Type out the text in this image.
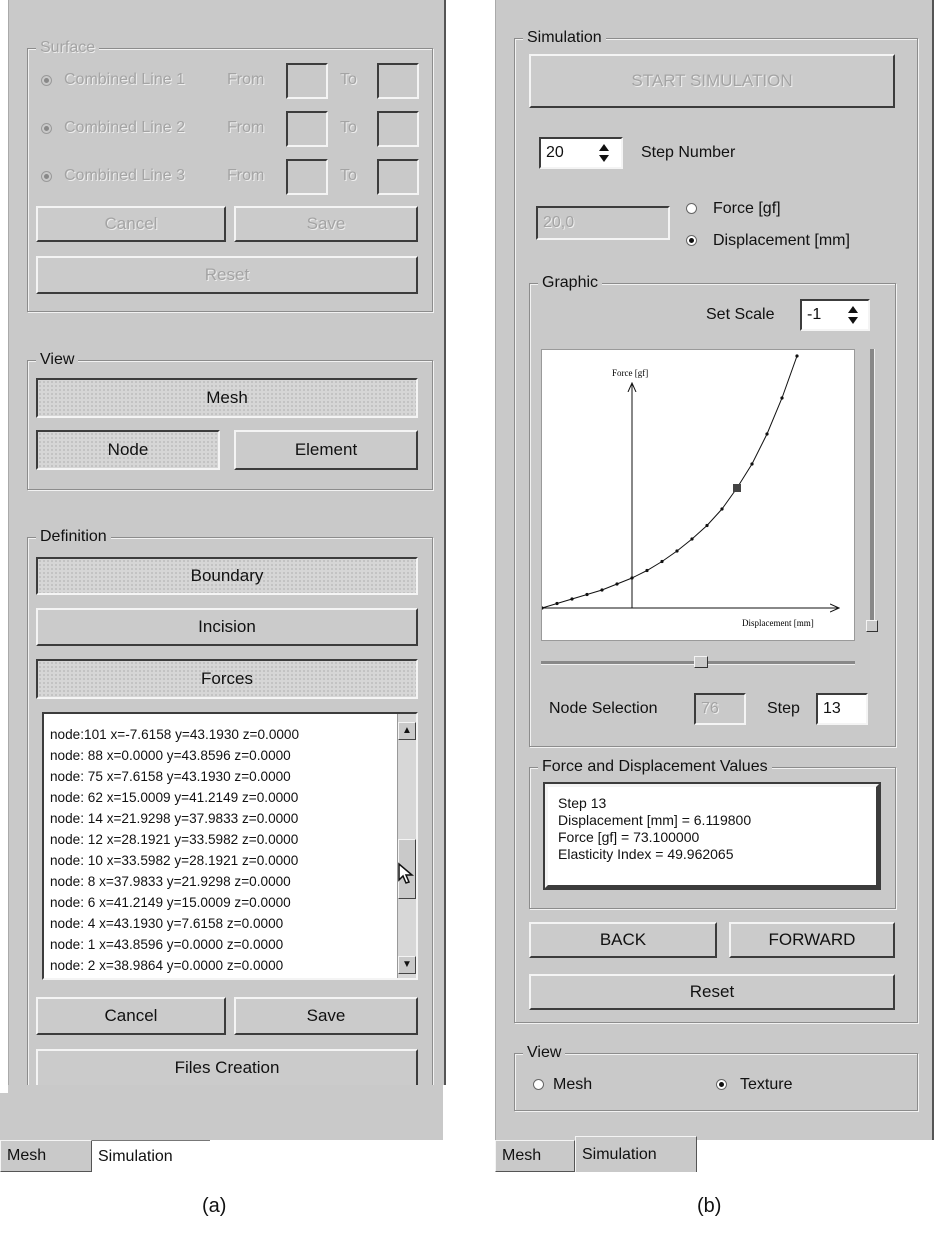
Surface
Combined Line 1	From	To
Combined Line 2	From	To
Combined Line 3	From	To
Cancel	Save
Reset
View
Mesh
Node	Element
Definition
Boundary
Incision
Forces
node:101 x=-7.6158 y=43.1930 z=0.0000
node: 88 x=0.0000 y=43.8596 z=0.0000
node: 75 x=7.6158 y=43.1930 z=0.0000
node: 62 x=15.0009 y=41.2149 z=0.0000
node: 14 x=21.9298 y=37.9833 z=0.0000
node: 12 x=28.1921 y=33.5982 z=0.0000
node: 10 x=33.5982 y=28.1921 z=0.0000
node: 8 x=37.9833 y=21.9298 z=0.0000
node: 6 x=41.2149 y=15.0009 z=0.0000
node: 4 x=43.1930 y=7.6158 z=0.0000
node: 1 x=43.8596 y=0.0000 z=0.0000
node: 2 x=38.9864 y=0.0000 z=0.0000
▲
▼
Cancel	Save
Files Creation
Mesh	Simulation
(a)
Simulation
START SIMULATION
20	Step Number
20,0
Force [gf]
Displacement [mm]
Graphic
Set Scale -1
Force [gf]
Displacement [mm]
Node Selection	76	Step	13
Force and Displacement Values
Step 13
Displacement [mm] = 6.119800
Force [gf] = 73.100000
Elasticity Index = 49.962065
BACK	FORWARD
Reset
View
Mesh	Texture
Mesh	Simulation
(b)
